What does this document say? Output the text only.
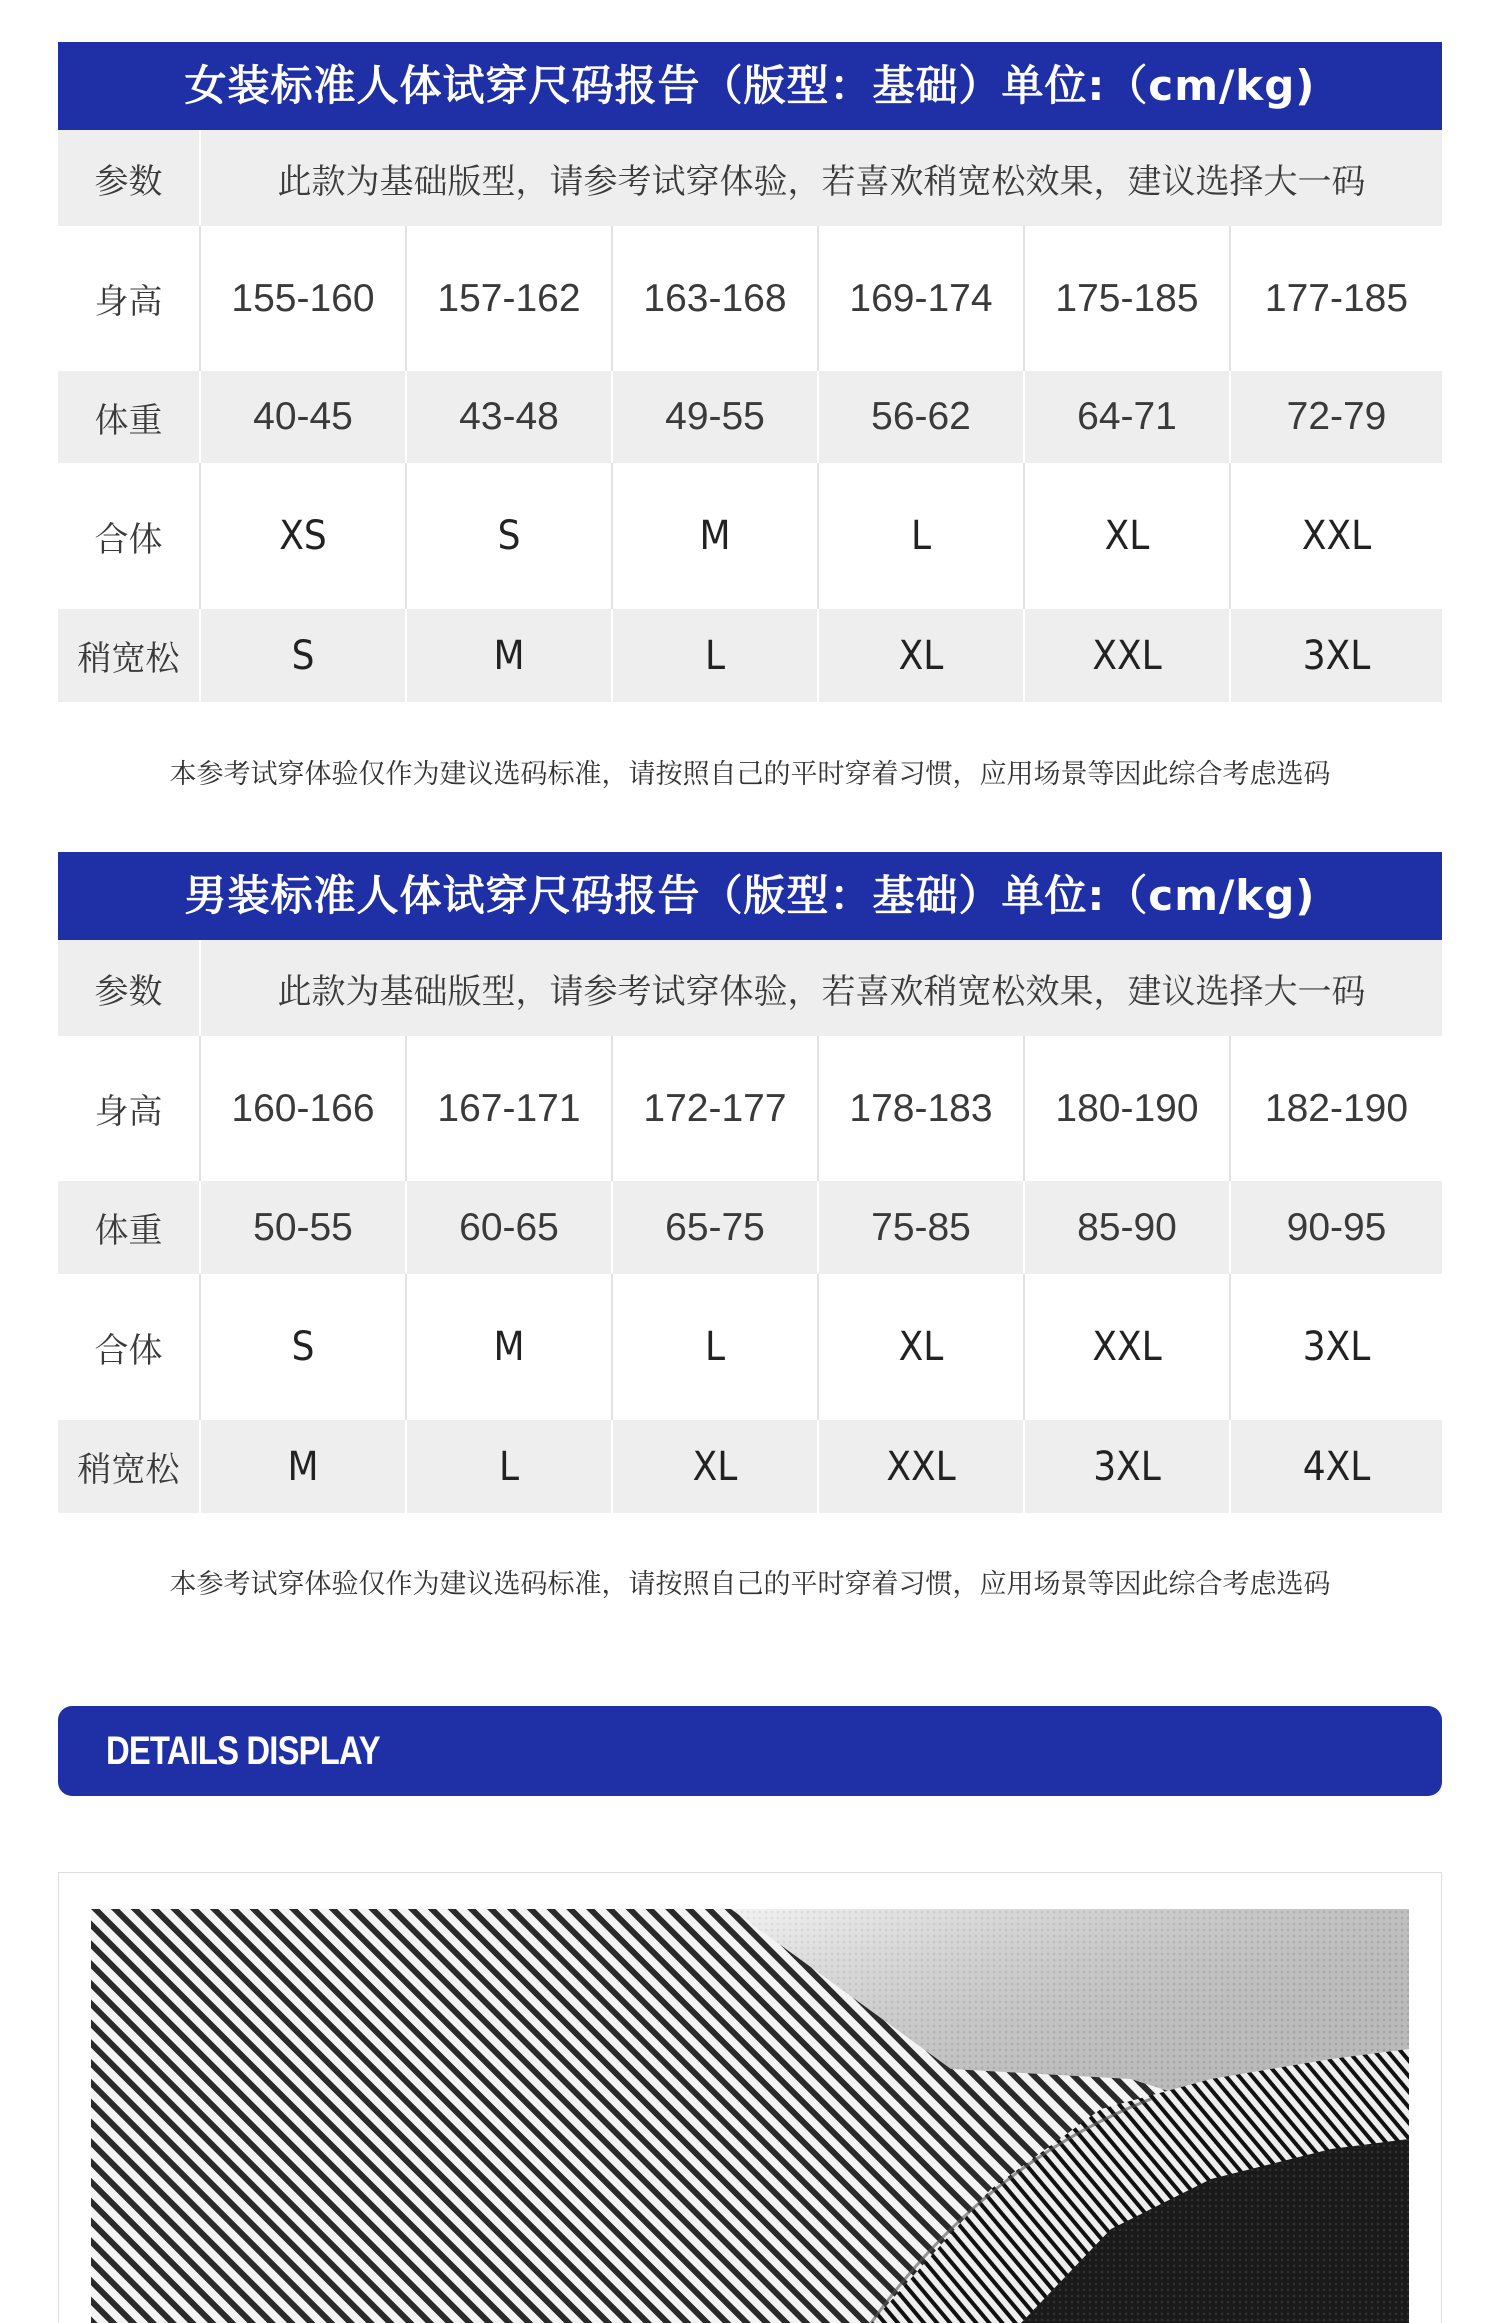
女装标准人体试穿尺码报告（版型：基础）单位:（cm/kg)
参数	此款为基础版型，请参考试穿体验，若喜欢稍宽松效果，建议选择大一码					
身高	155-160	157-162	163-168	169-174	175-185	177-185
体重	40-45	43-48	49-55	56-62	64-71	72-79
合体	XS	S	M	L	XL	XXL
稍宽松	S	M	L	XL	XXL	3XL
本参考试穿体验仅作为建议选码标准，请按照自己的平时穿着习惯，应用场景等因此综合考虑选码
男装标准人体试穿尺码报告（版型：基础）单位:（cm/kg)
参数	此款为基础版型，请参考试穿体验，若喜欢稍宽松效果，建议选择大一码					
身高	160-166	167-171	172-177	178-183	180-190	182-190
体重	50-55	60-65	65-75	75-85	85-90	90-95
合体	S	M	L	XL	XXL	3XL
稍宽松	M	L	XL	XXL	3XL	4XL
本参考试穿体验仅作为建议选码标准，请按照自己的平时穿着习惯，应用场景等因此综合考虑选码
DETAILS DISPLAY
